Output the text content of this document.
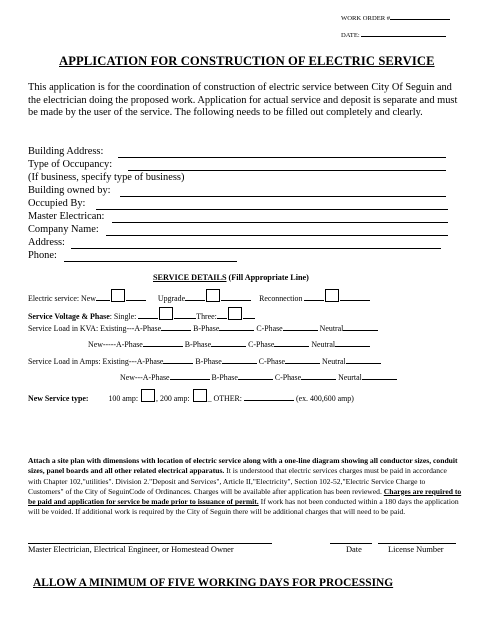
WORK ORDER #
DATE:
APPLICATION FOR CONSTRUCTION OF ELECTRIC SERVICE
This application is for the coordination of construction of electric service between City Of Seguin and the electrician doing the proposed work. Application for actual service and deposit is separate and must be made by the user of the service. The following needs to be filled out completely and clearly.
Building Address:
Type of Occupancy:
(If business, specify type of business)
Building owned by:
Occupied By:
Master Electrican:
Company Name:
Address:
Phone:
SERVICE DETAILS (Fill Appropriate Line)
Electric service: New	Upgrade	Reconnection
Service Voltage & Phase: Single:	Three:
Service Load in KVA: Existing---A-Phase	B-Phase	C-Phase	Neutral
New-----A-Phase	B-Phase	C-Phase	Neutral
Service Load in Amps: Existing---A-Phase	B-Phase	C-Phase	Neutral
New---A-Phase	B-Phase	C-Phase	Neurtal
New Service type:	100 amp: , 200 amp: _ OTHER:	(ex. 400,600 amp)
Attach a site plan with dimensions with location of electric service along with a one-line diagram showing all conductor sizes, conduit sizes, panel boards and all other related electrical apparatus. It is understood that electric services charges must be paid in accordance with Chapter 102,"utilities". Division 2."Deposit and Services", Article II,"Electricity", Section 102-52,"Electric Service Charge to Customers" of the City of SeguinCode of Ordinances. Charges will be available after application has been reviewed. Charges are required to be paid and application for service be made prior to issuance of permit. If work has not been conducted within a 180 days the application will be voided. If additional work is required by the City of Seguin there will be additional charges that will need to be paid.
Master Electrician, Electrical Engineer, or Homestead Owner	Date	License Number
ALLOW A MINIMUM OF FIVE WORKING DAYS FOR PROCESSING
